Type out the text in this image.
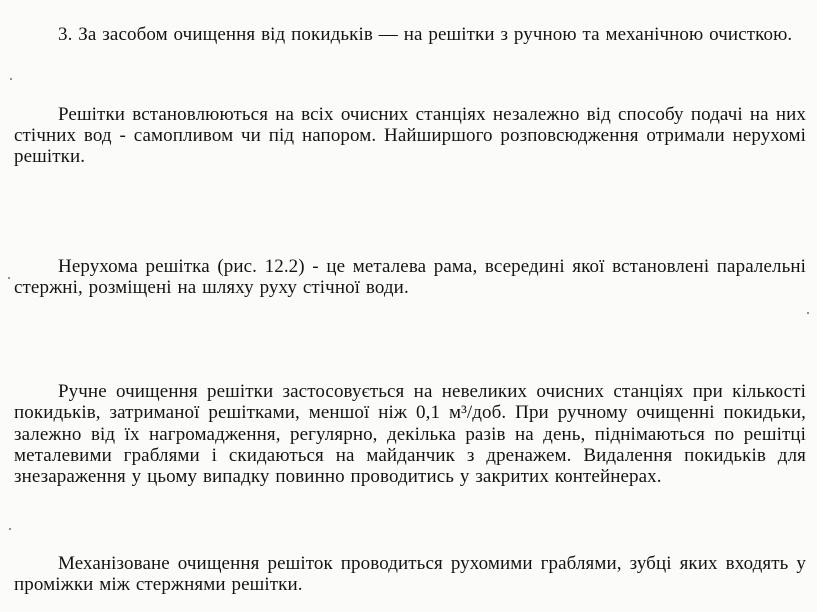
3. За засобом очищення від покидьків — на решітки з ручною та механічною очисткою.

Решітки встановлюються на всіх очисних станціях незалежно від способу подачі на них стічних вод - самопливом чи під напором. Найширшого розповсюдження отримали нерухомі решітки.

Нерухома решітка (рис. 12.2) - це металева рама, всередині якої встановлені паралельні стержні, розміщені на шляху руху стічної води.

Ручне очищення решітки застосовується на невеликих очисних станціях при кількості покидьків, затриманої решітками, меншої ніж 0,1 м³/доб. При ручному очищенні покидьки, залежно від їх нагромадження, регулярно, декілька разів на день, піднімаються по решітці металевими граблями і скидаються на майданчик з дренажем. Видалення покидьків для знезараження у цьому випадку повинно проводитись у закритих контейнерах.

Механізоване очищення решіток проводиться рухомими граблями, зубці яких входять у проміжки між стержнями решітки.
